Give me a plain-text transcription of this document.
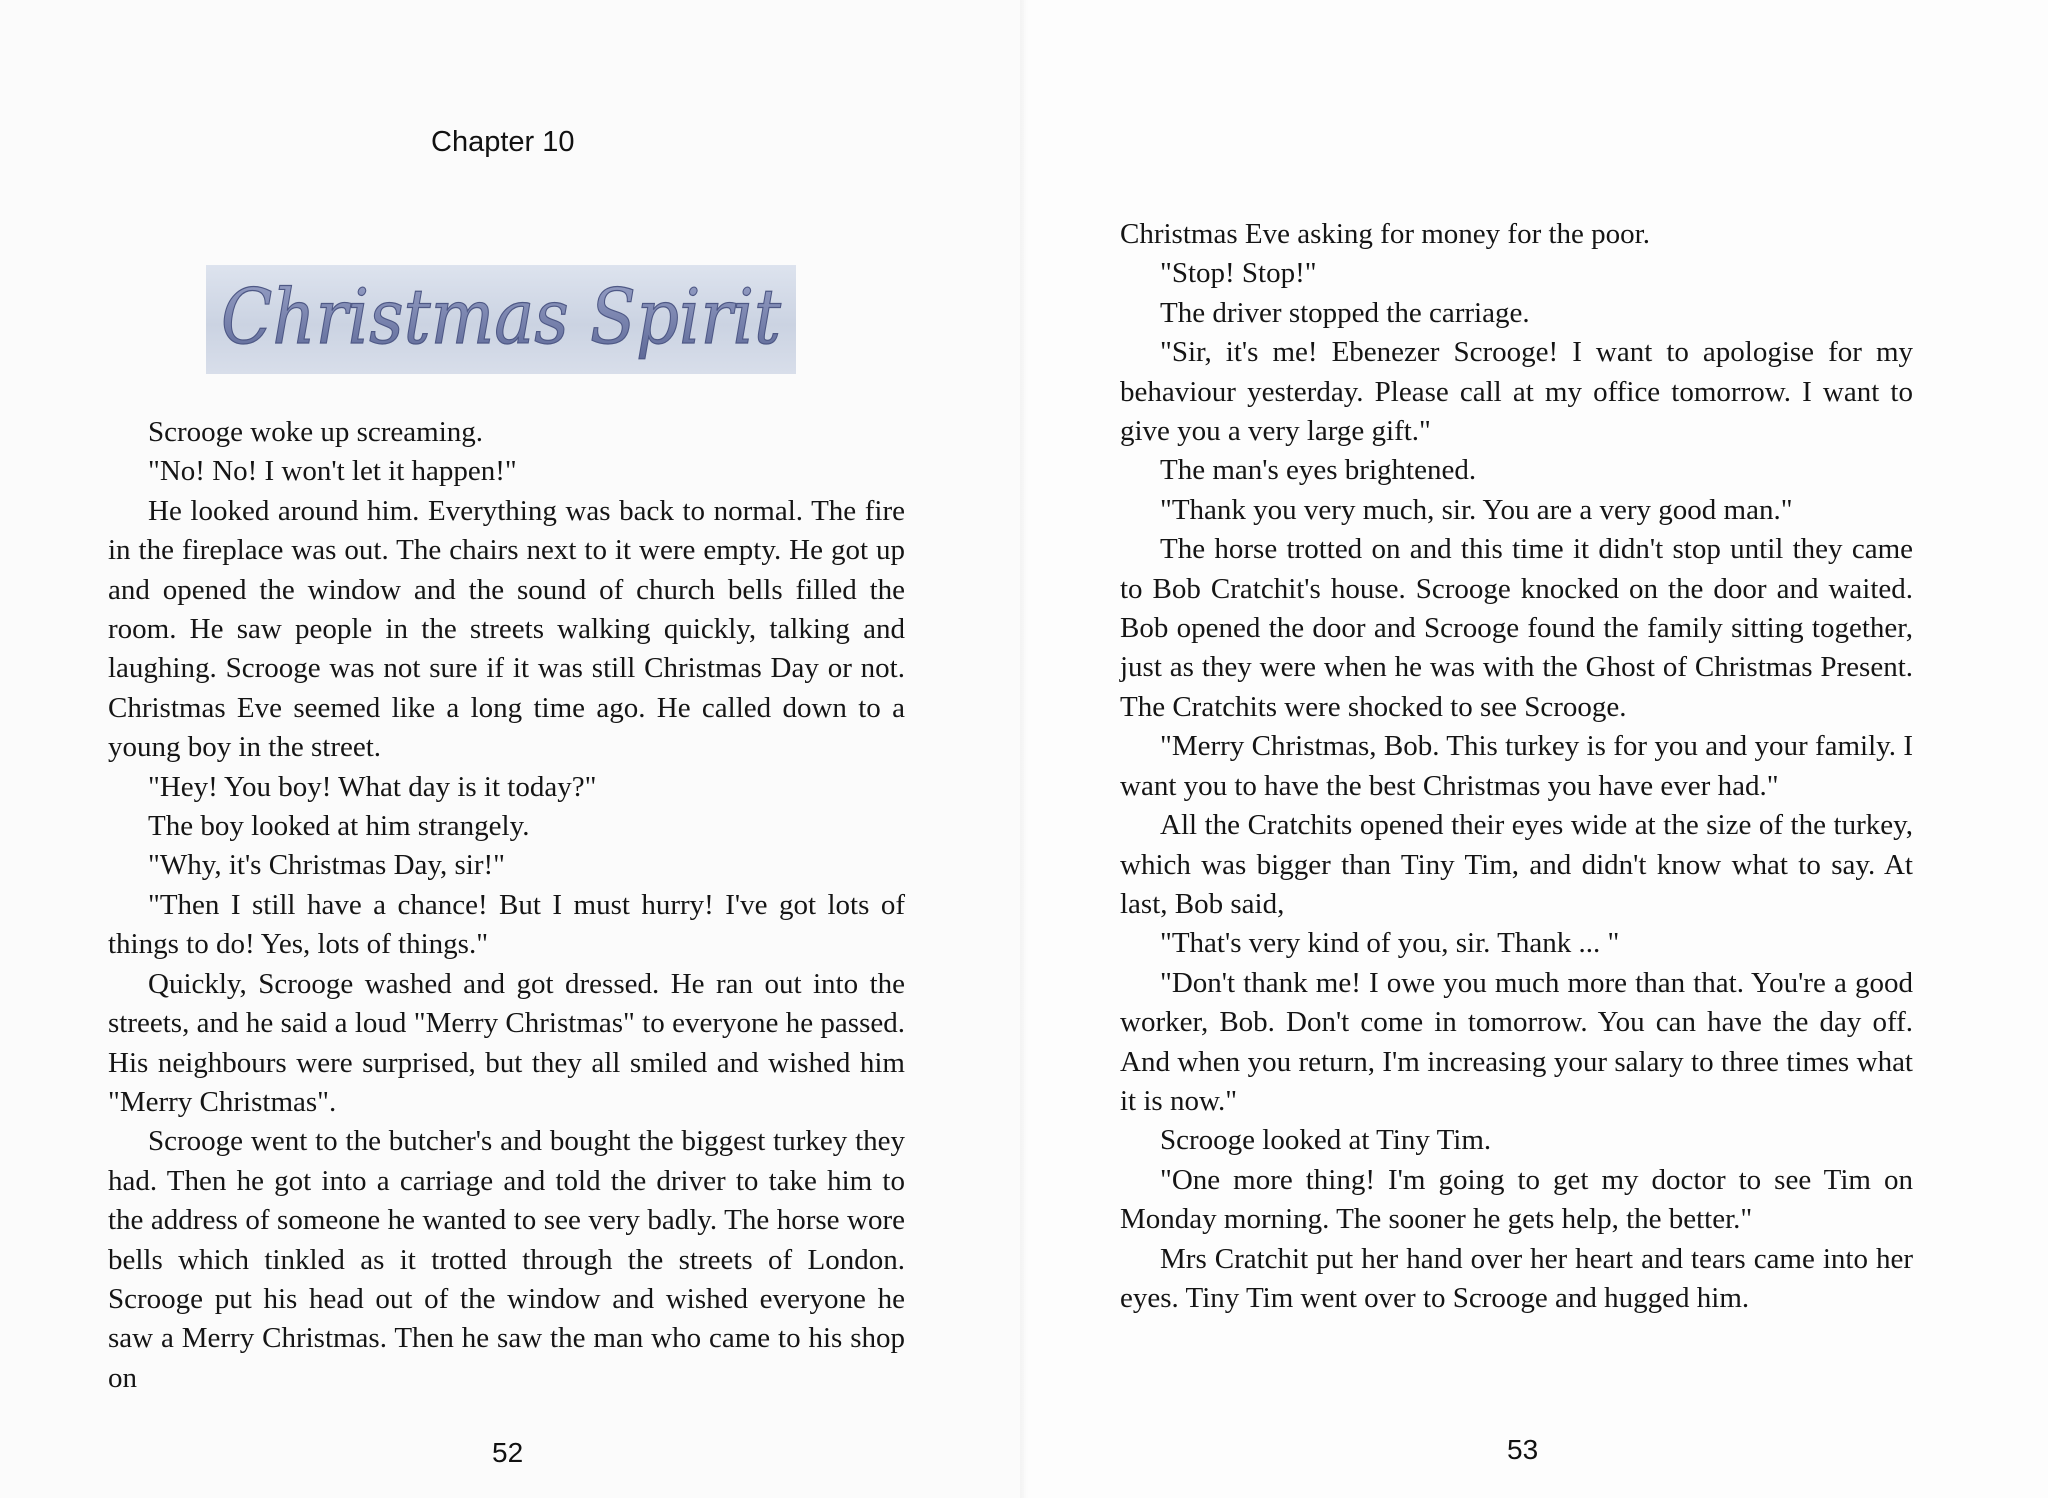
Chapter 10
Christmas Spirit

Scrooge woke up screaming.

"No! No! I won't let it happen!"

He looked around him. Everything was back to normal. The fire in the fireplace was out. The chairs next to it were empty. He got up and opened the window and the sound of church bells filled the room. He saw people in the streets walking quickly, talking and laughing. Scrooge was not sure if it was still Christmas Day or not. Christmas Eve seemed like a long time ago. He called down to a young boy in the street.

"Hey! You boy! What day is it today?"

The boy looked at him strangely.

"Why, it's Christmas Day, sir!"

"Then I still have a chance! But I must hurry! I've got lots of things to do! Yes, lots of things."

Quickly, Scrooge washed and got dressed. He ran out into the streets, and he said a loud "Merry Christmas" to everyone he passed. His neighbours were surprised, but they all smiled and wished him "Merry Christmas".

Scrooge went to the butcher's and bought the biggest turkey they had. Then he got into a carriage and told the driver to take him to the address of someone he wanted to see very badly. The horse wore bells which tinkled as it trotted through the streets of London. Scrooge put his head out of the window and wished everyone he saw a Merry Christmas. Then he saw the man who came to his shop on

52

Christmas Eve asking for money for the poor.

"Stop! Stop!"

The driver stopped the carriage.

"Sir, it's me! Ebenezer Scrooge! I want to apologise for my behaviour yesterday. Please call at my office tomorrow. I want to give you a very large gift."

The man's eyes brightened.

"Thank you very much, sir. You are a very good man."

The horse trotted on and this time it didn't stop until they came to Bob Cratchit's house. Scrooge knocked on the door and waited. Bob opened the door and Scrooge found the family sitting together, just as they were when he was with the Ghost of Christmas Present. The Cratchits were shocked to see Scrooge.

"Merry Christmas, Bob. This turkey is for you and your family. I want you to have the best Christmas you have ever had."

All the Cratchits opened their eyes wide at the size of the turkey, which was bigger than Tiny Tim, and didn't know what to say. At last, Bob said,

"That's very kind of you, sir. Thank ... "

"Don't thank me! I owe you much more than that. You're a good worker, Bob. Don't come in tomorrow. You can have the day off. And when you return, I'm increasing your salary to three times what it is now."

Scrooge looked at Tiny Tim.

"One more thing! I'm going to get my doctor to see Tim on Monday morning. The sooner he gets help, the better."

Mrs Cratchit put her hand over her heart and tears came into her eyes. Tiny Tim went over to Scrooge and hugged him.

53
